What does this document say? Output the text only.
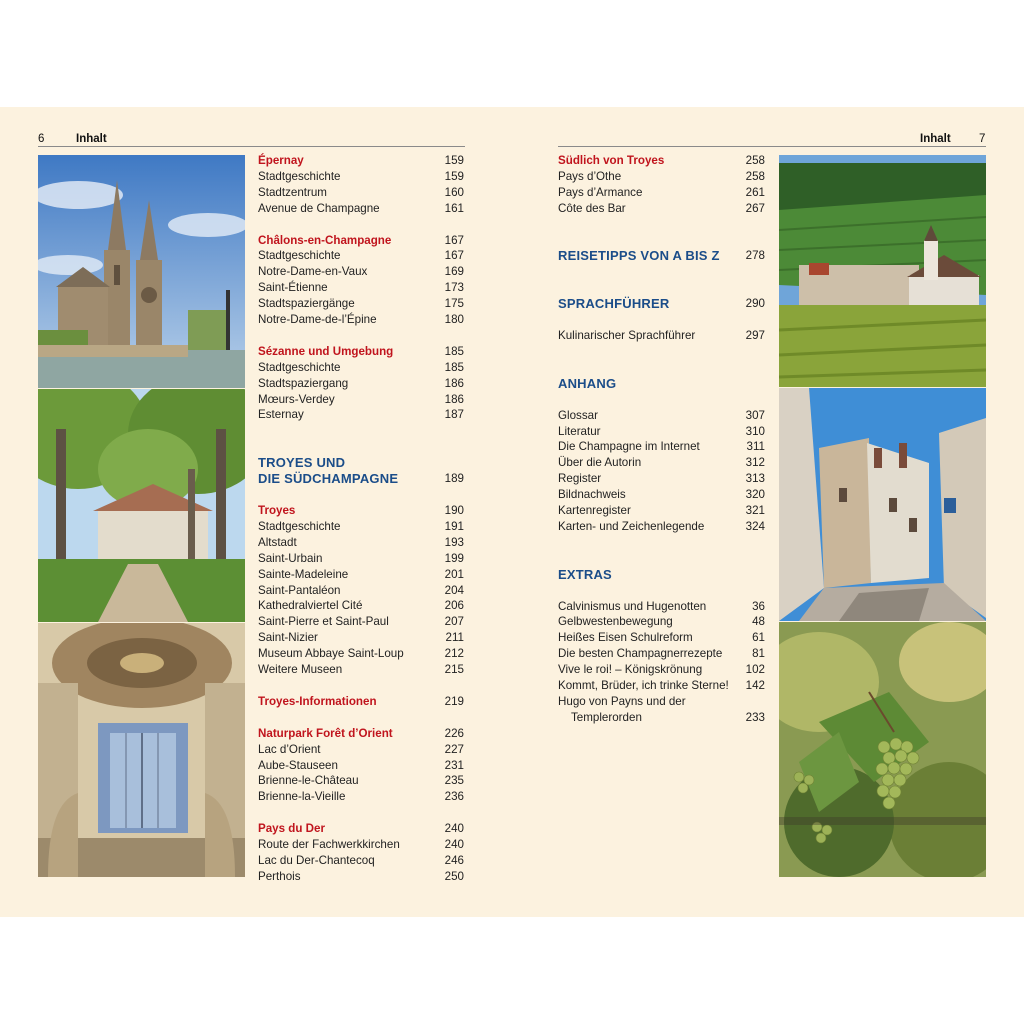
6	Inhalt	Inhalt 7
Épernay	159
Stadtgeschichte	159
Stadtzentrum	160
Avenue de Champagne	161
Châlons-en-Champagne	167
Stadtgeschichte	167
Notre-Dame-en-Vaux	169
Saint-Étienne	173
Stadtspaziergänge	175
Notre-Dame-de-l’Épine	180
Sézanne und Umgebung	185
Stadtgeschichte	185
Stadtspaziergang	186
Mœurs-Verdey	186
Esternay	187
TROYES UND
DIE SÜDCHAMPAGNE	189
Troyes	190
Stadtgeschichte	191
Altstadt	193
Saint-Urbain	199
Sainte-Madeleine	201
Saint-Pantaléon	204
Kathedralviertel Cité	206
Saint-Pierre et Saint-Paul	207
Saint-Nizier	211
Museum Abbaye Saint-Loup	212
Weitere Museen	215
Troyes-Informationen	219
Naturpark Forêt d’Orient	226
Lac d’Orient	227
Aube-Stauseen	231
Brienne-le-Château	235
Brienne-la-Vieille	236
Pays du Der	240
Route der Fachwerkkirchen	240
Lac du Der-Chantecoq	246
Perthois	250
Südlich von Troyes	258
Pays d’Othe	258
Pays d’Armance	261
Côte des Bar	267
REISETIPPS VON A BIS Z 278
SPRACHFÜHRER	290
Kulinarischer Sprachführer	297
ANHANG
Glossar	307
Literatur	310
Die Champagne im Internet	311
Über die Autorin	312
Register	313
Bildnachweis	320
Kartenregister	321
Karten- und Zeichenlegende	324
EXTRAS
Calvinismus und Hugenotten	36
Gelbwestenbewegung	48
Heißes Eisen Schulreform	61
Die besten Champagnerrezepte	81
Vive le roi! – Königskrönung	102
Kommt, Brüder, ich trinke Sterne! 142
Hugo von Payns und der
Templerorden	233
